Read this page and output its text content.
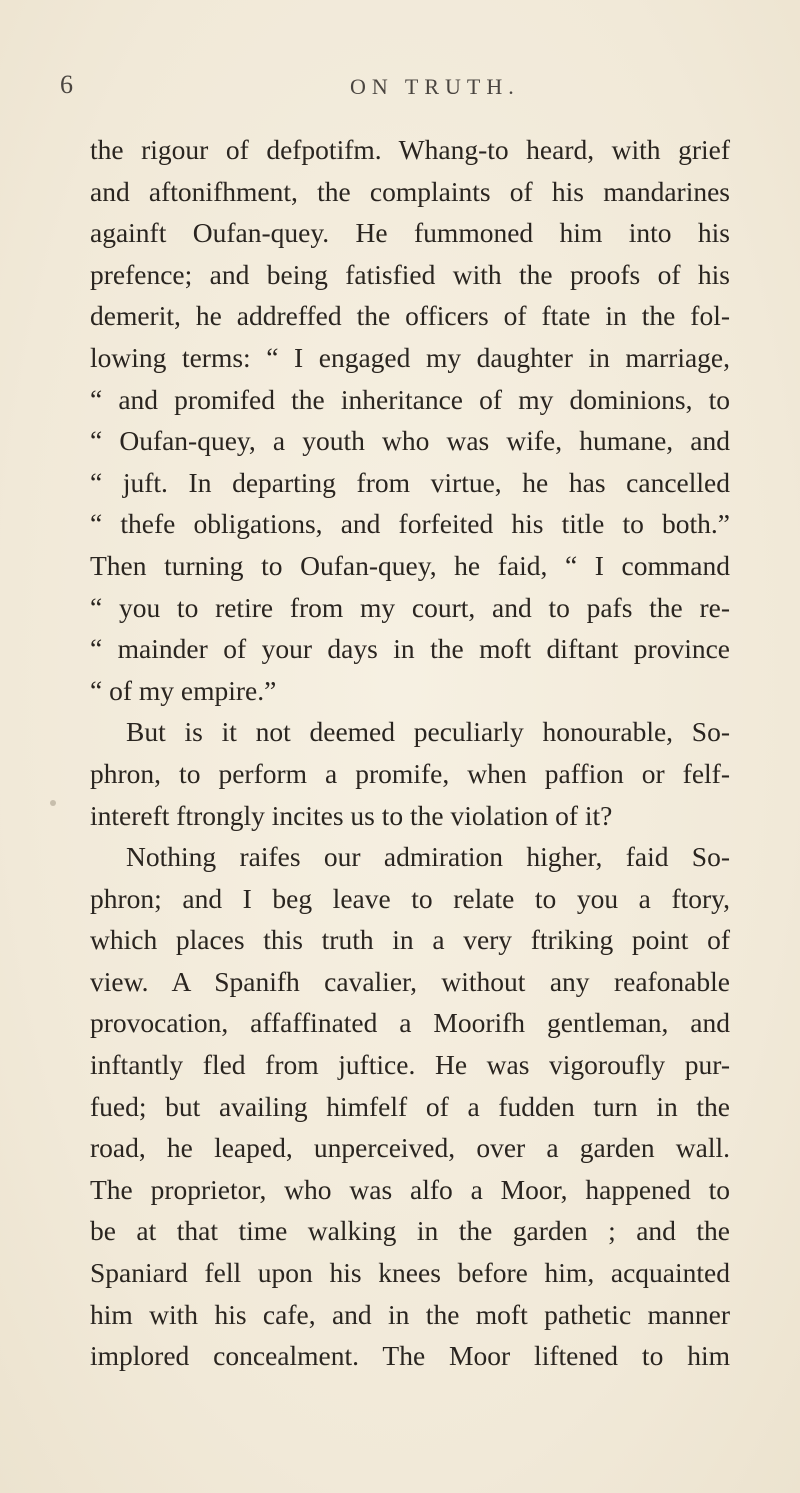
6	ON TRUTH.
the rigour of defpotifm. Whang-to heard, with grief
and aftonifhment, the complaints of his mandarines
againft Oufan-quey. He fummoned him into his
prefence; and being fatisfied with the proofs of his
demerit, he addreffed the officers of ftate in the fol-
lowing terms: “ I engaged my daughter in marriage,
“ and promifed the inheritance of my dominions, to
“ Oufan-quey, a youth who was wife, humane, and
“ juft. In departing from virtue, he has cancelled
“ thefe obligations, and forfeited his title to both.”
Then turning to Oufan-quey, he faid, “ I command
“ you to retire from my court, and to pafs the re-
“ mainder of your days in the moft diftant province
“ of my empire.”
But is it not deemed peculiarly honourable, So-
phron, to perform a promife, when paffion or felf-
intereft ftrongly incites us to the violation of it?
Nothing raifes our admiration higher, faid So-
phron; and I beg leave to relate to you a ftory,
which places this truth in a very ftriking point of
view. A Spanifh cavalier, without any reafonable
provocation, affaffinated a Moorifh gentleman, and
inftantly fled from juftice. He was vigoroufly pur-
fued; but availing himfelf of a fudden turn in the
road, he leaped, unperceived, over a garden wall.
The proprietor, who was alfo a Moor, happened to
be at that time walking in the garden ; and the
Spaniard fell upon his knees before him, acquainted
him with his cafe, and in the moft pathetic manner
implored concealment. The Moor liftened to him
